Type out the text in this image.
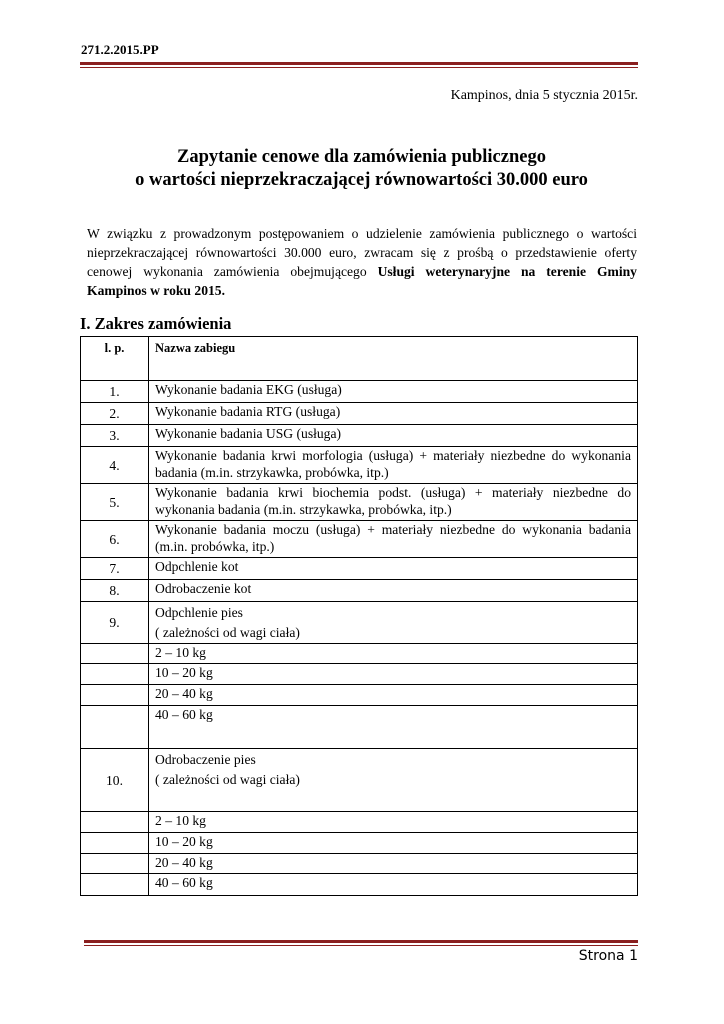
271.2.2015.PP
Kampinos, dnia 5 stycznia 2015r.
Zapytanie cenowe dla zamówienia publicznego
o wartości nieprzekraczającej równowartości 30.000 euro
W związku z prowadzonym postępowaniem o udzielenie zamówienia publicznego o wartości nieprzekraczającej równowartości 30.000 euro, zwracam się z prośbą o przedstawienie oferty cenowej wykonania zamówienia obejmującego Usługi weterynaryjne na terenie Gminy Kampinos w roku 2015.
I. Zakres zamówienia
l. p.	Nazwa zabiegu
1.	Wykonanie badania EKG (usługa)
2.	Wykonanie badania RTG (usługa)
3.	Wykonanie badania USG (usługa)
4.	Wykonanie badania krwi morfologia (usługa) + materiały niezbedne do wykonania badania (m.in. strzykawka, probówka, itp.)
5.	Wykonanie badania krwi biochemia podst. (usługa) + materiały niezbedne do wykonania badania (m.in. strzykawka, probówka, itp.)
6.	Wykonanie badania moczu (usługa) + materiały niezbedne do wykonania badania (m.in. probówka, itp.)
7.	Odpchlenie kot
8.	Odrobaczenie kot
9.	Odpchlenie pies
( zależności od wagi ciała)

	2 – 10 kg
	10 – 20 kg
	20 – 40 kg
	40 – 60 kg
10.	Odrobaczenie pies
( zależności od wagi ciała)

	2 – 10 kg
	10 – 20 kg
	20 – 40 kg
	40 – 60 kg
Strona 1
